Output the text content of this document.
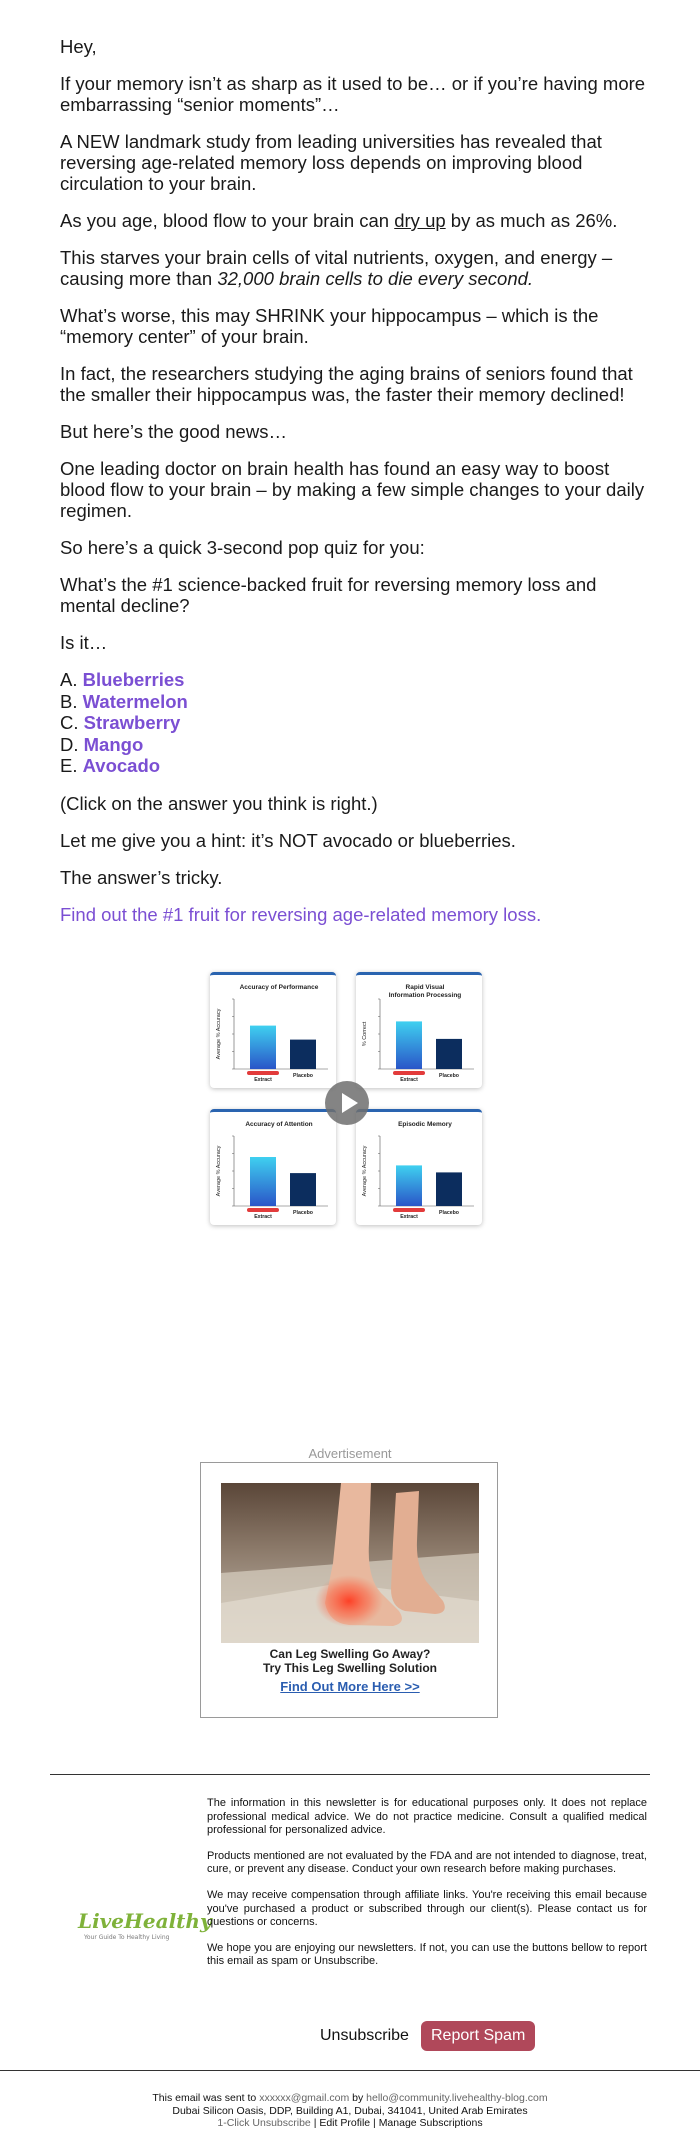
Hey,

If your memory isn’t as sharp as it used to be… or if you’re having more embarrassing “senior moments”…

A NEW landmark study from leading universities has revealed that reversing age-related memory loss depends on improving blood circulation to your brain.

As you age, blood flow to your brain can dry up by as much as 26%.

This starves your brain cells of vital nutrients, oxygen, and energy – causing more than 32,000 brain cells to die every second.

What’s worse, this may SHRINK your hippocampus – which is the “memory center” of your brain.

In fact, the researchers studying the aging brains of seniors found that the smaller their hippocampus was, the faster their memory declined!

But here’s the good news…

One leading doctor on brain health has found an easy way to boost blood flow to your brain – by making a few simple changes to your daily regimen.

So here’s a quick 3-second pop quiz for you:

What’s the #1 science-backed fruit for reversing memory loss and mental decline?

Is it…

A. Blueberries
B. Watermelon
C. Strawberry
D. Mango
E. Avocado

(Click on the answer you think is right.)

Let me give you a hint: it’s NOT avocado or blueberries.

The answer’s tricky.

Find out the #1 fruit for reversing age-related memory loss.

Accuracy of Performance
Average % Accuracy
Extract
Placebo
Rapid Visual Information Processing
% Correct
Extract
Placebo
Accuracy of Attention
Average % Accuracy
Extract
Placebo
Episodic Memory
Average % Accuracy
Extract
Placebo
Advertisement
Can Leg Swelling Go Away?
Try This Leg Swelling Solution
Find Out More Here >>
LiveHealthy
Your Guide To Healthy Living

The information in this newsletter is for educational purposes only. It does not replace professional medical advice. We do not practice medicine. Consult a qualified medical professional for personalized advice.

Products mentioned are not evaluated by the FDA and are not intended to diagnose, treat, cure, or prevent any disease. Conduct your own research before making purchases.

We may receive compensation through affiliate links. You're receiving this email because you've purchased a product or subscribed through our client(s). Please contact us for questions or concerns.

We hope you are enjoying our newsletters. If not, you can use the buttons bellow to report this email as spam or Unsubscribe.

Unsubscribe	Report Spam
This email was sent to xxxxxx@gmail.com by hello@community.livehealthy-blog.com
Dubai Silicon Oasis, DDP, Building A1, Dubai, 341041, United Arab Emirates
1-Click Unsubscribe | Edit Profile | Manage Subscriptions
